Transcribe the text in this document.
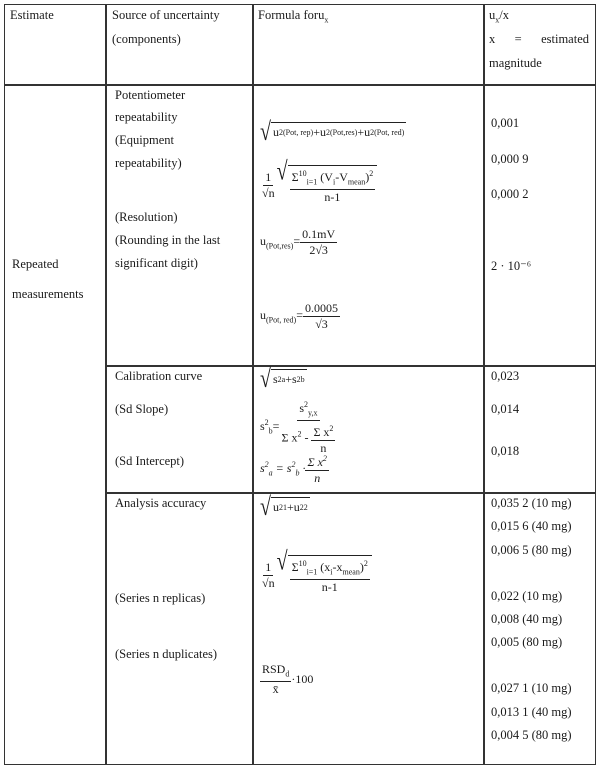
Estimate	Source of uncertainty
(components)
Formula foru$_x$	$u_x/x$
x = estimated
magnitude
Repeated
measurements
Potentiometer
repeatability
(Equipment
repeatability)
(Resolution)
(Rounding in the last
significant digit)
√ u 2 (Pot, rep) +u 2 (Pot,res) +u 2 (Pot, red)
$\frac{1}{√n}$ √ $\frac{\Sigma^{10}_{i=1} (V_i-V_{mean})^2}{n-1}$
$u_{(Pot,res)}= \frac{0.1mV}{2√3}$
$u_{(Pot, red)}= \frac{0.0005}{√3}$
0,001
0,000 9
0,000 2
2 · 10⁻⁶
Calibration curve
(Sd Slope)
(Sd Intercept)
√ s 2 a +s 2 b
$s^2_b= \frac{s^2_{y,x}}{\Sigma x^2 - \frac{\Sigma x^2}{n}}$
$s^2_a = s^2_b \cdot \frac{\Sigma x^2}{n}$
0,023
0,014
0,018
Analysis accuracy
(Series n replicas)
(Series n duplicates)
√ u 2 1 +u 2 2
$\frac{1}{√n}$ √ $\frac{\Sigma^{10}_{i=1} (x_i-x_{mean})^2}{n-1}$
$\frac{RSD_d}{x̄} \cdot 100$
0,035 2 (10 mg)
0,015 6 (40 mg)
0,006 5 (80 mg)
0,022 (10 mg)
0,008 (40 mg)
0,005 (80 mg)
0,027 1 (10 mg)
0,013 1 (40 mg)
0,004 5 (80 mg)
